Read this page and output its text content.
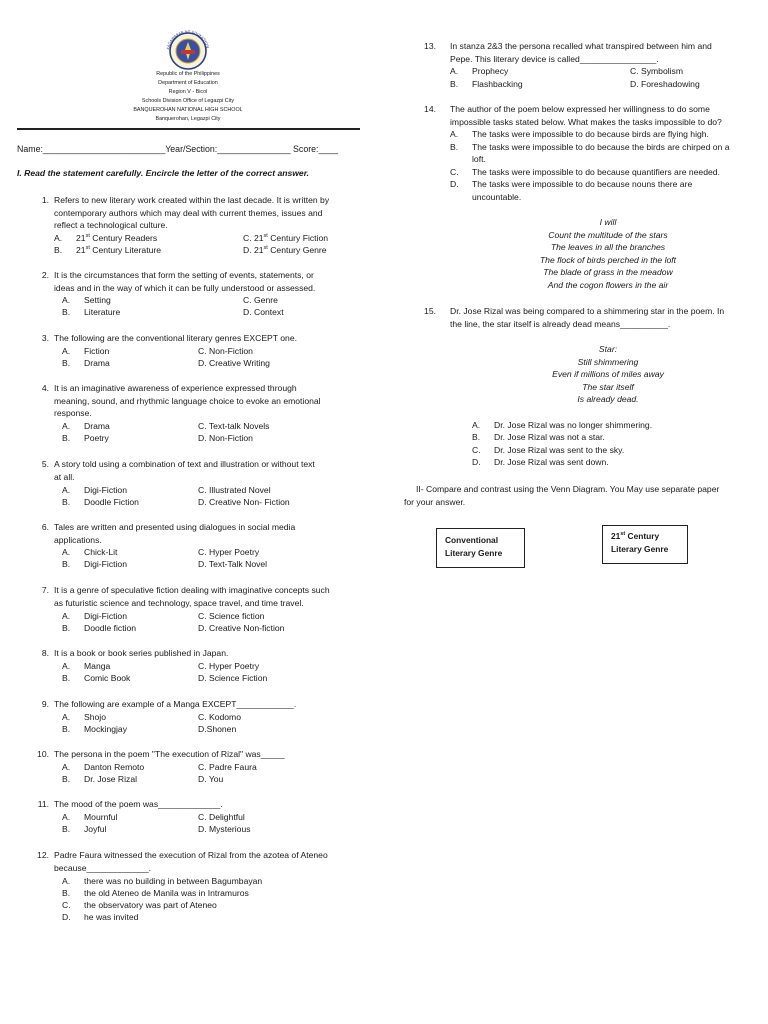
KAGAWARAN NG EDUKASYON
Republic of the Philippines
Department of Education
Region V - Bicol
Schools Division Office of Legazpi City
BANQUEROHAN NATIONAL HIGH SCHOOL
Banquerohan, Legazpi City
Name:_________________________Year/Section:_______________ Score:____
I. Read the statement carefully. Encircle the letter of the correct answer.
1. Refers to new literary work created within the last decade. It is written by
contemporary authors which may deal with current themes, issues and
reflect a technological culture.
A. 21st Century Readers
B. 21st Century Literature
C. 21st Century Fiction
D. 21st Century Genre
2. It is the circumstances that form the setting of events, statements, or
ideas and in the way of which it can be fully understood or assessed.
A. Setting
B. Literature
C. Genre
D. Context
3. The following are the conventional literary genres EXCEPT one.
A. Fiction
B. Drama
C. Non-Fiction
D. Creative Writing
4. It is an imaginative awareness of experience expressed through
meaning, sound, and rhythmic language choice to evoke an emotional
response.
A. Drama
B. Poetry
C. Text-talk Novels
D. Non-Fiction
5. A story told using a combination of text and illustration or without text
at all.
A. Digi-Fiction
B. Doodle Fiction
C. Illustrated Novel
D. Creative Non- Fiction
6. Tales are written and presented using dialogues in social media
applications.
A. Chick-Lit
B. Digi-Fiction
C. Hyper Poetry
D. Text-Talk Novel
7. It is a genre of speculative fiction dealing with imaginative concepts such
as futuristic science and technology, space travel, and time travel.
A. Digi-Fiction
B. Doodle fiction
C. Science fiction
D. Creative Non-fiction
8. It is a book or book series published in Japan.
A. Manga
B. Comic Book
C. Hyper Poetry
D. Science Fiction
9. The following are example of a Manga EXCEPT____________.
A. Shojo
B. Mockingjay
C. Kodomo
D.Shonen
10. The persona in the poem "The execution of Rizal" was_____
A. Danton Remoto
B. Dr. Jose Rizal
C. Padre Faura
D. You
11. The mood of the poem was_____________.
A. Mournful
B. Joyful
C. Delightful
D. Mysterious
12. Padre Faura witnessed the execution of Rizal from the azotea of Ateneo
because_____________.
A. there was no building in between Bagumbayan
B. the old Ateneo de Manila was in Intramuros
C. the observatory was part of Ateneo
D. he was invited
13. In stanza 2&3 the persona recalled what transpired between him and
Pepe. This literary device is called________________.
A. Prophecy
B. Flashbacking
C. Symbolism
D. Foreshadowing
14. The author of the poem below expressed her willingness to do some
impossible tasks stated below. What makes the tasks impossible to do?
A. The tasks were impossible to do because birds are flying high.
B. The tasks were impossible to do because the birds are chirped on a
loft.
C. The tasks were impossible to do because quantifiers are needed.
D. The tasks were impossible to do because nouns there are
uncountable.
I will
Count the multitude of the stars
The leaves in all the branches
The flock of birds perched in the loft
The blade of grass in the meadow
And the cogon flowers in the air
15. Dr. Jose Rizal was being compared to a shimmering star in the poem. In
the line, the star itself is already dead means__________.
A. Dr. Jose Rizal was no longer shimmering.
B. Dr. Jose Rizal was not a star.
C. Dr. Jose Rizal was sent to the sky.
D. Dr. Jose Rizal was sent down.
Star:
Still shimmering
Even if millions of miles away
The star itself
Is already dead.
II- Compare and contrast using the Venn Diagram. You May use separate paper
for your answer.
Conventional
Literary Genre
21st Century
Literary Genre
